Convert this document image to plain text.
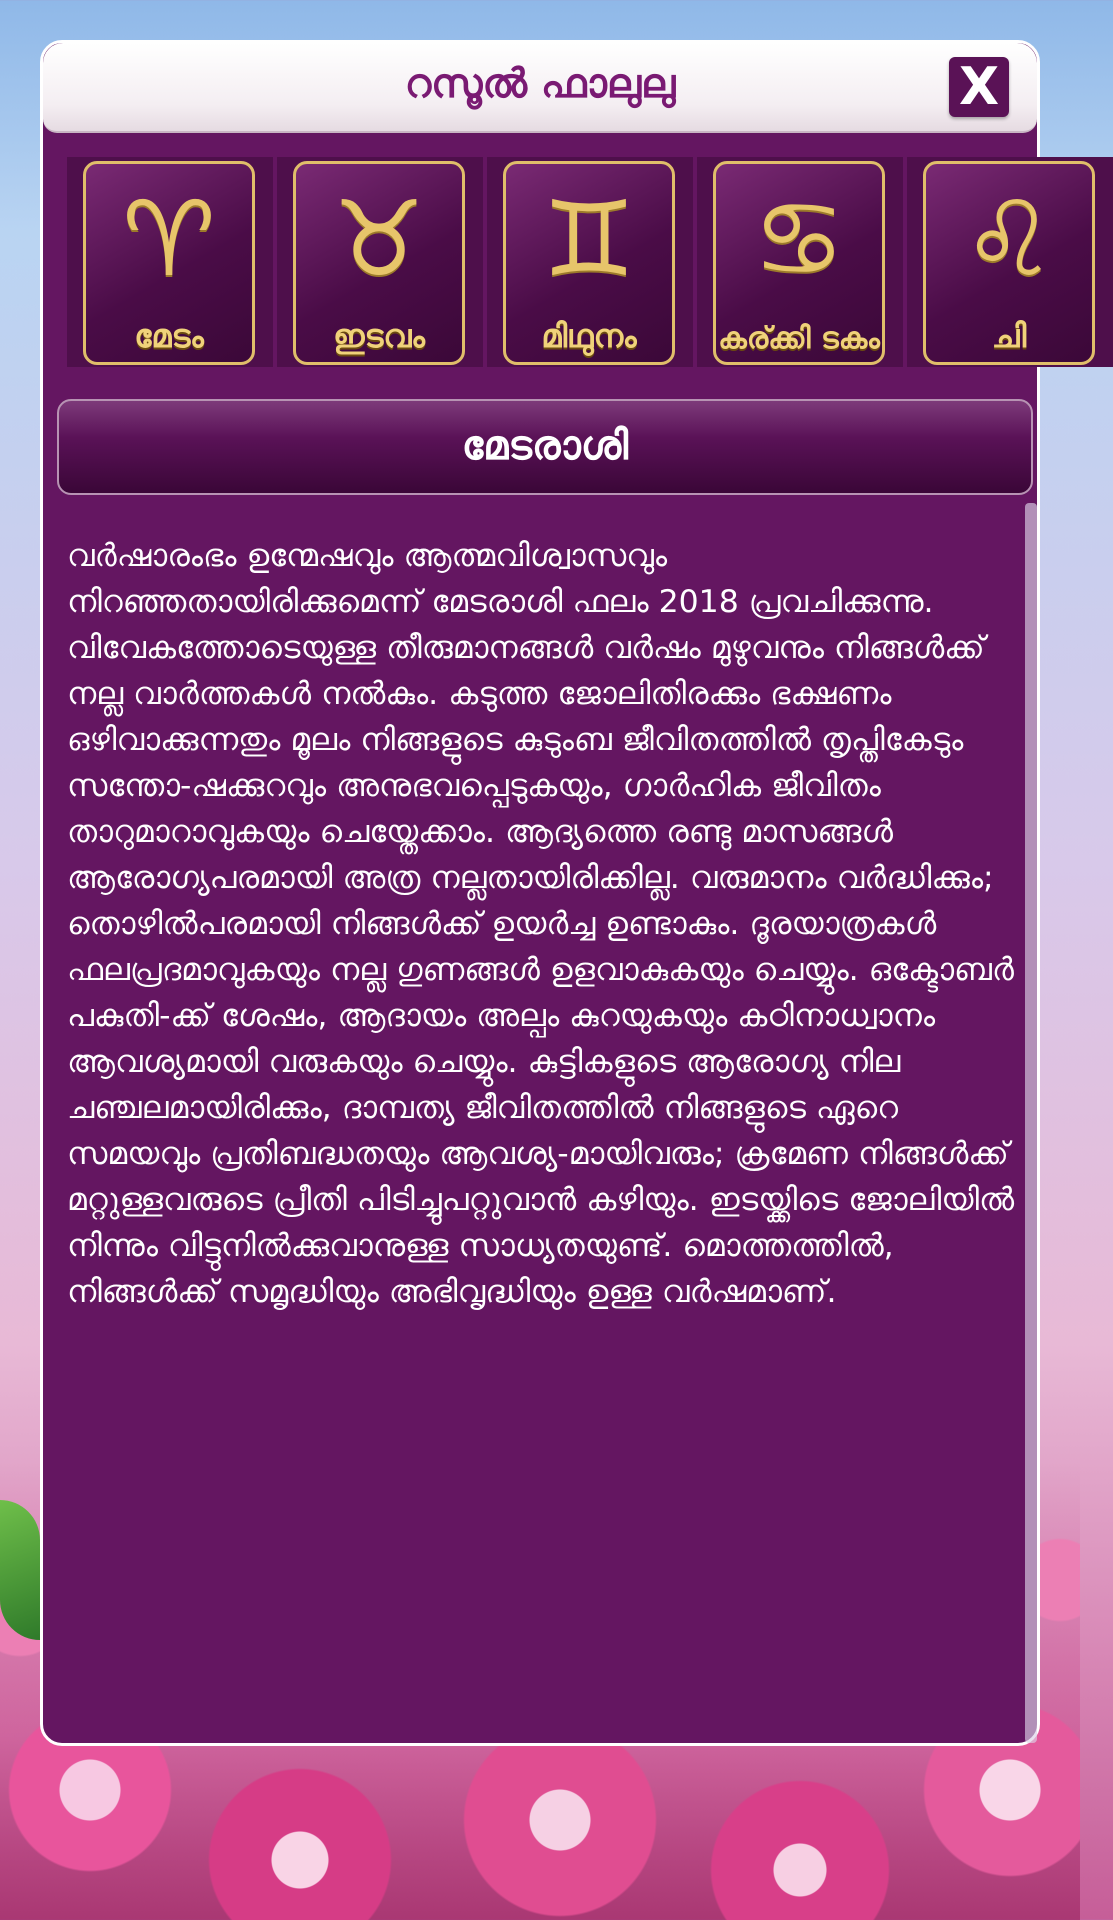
റസൂൽ ഫാലുലു	X
♈
മേടം
♉
ഇടവം
♊
മിഥുനം
♋
കര്ക്കി ടകം
♌
ചി
മേടരാശി
വർഷാരംഭം ഉന്മേഷവും ആത്മവിശ്വാസവും നിറഞ്ഞതായിരിക്കുമെന്ന് മേടരാശി ഫലം 2018 പ്രവചിക്കുന്നു. വിവേകത്തോടെയുള്ള തീരുമാനങ്ങൾ വർഷം മുഴുവനും നിങ്ങൾക്ക് നല്ല വാർത്തകൾ നൽകും. കടുത്ത ജോലിതിരക്കും ഭക്ഷണം ഒഴിവാക്കുന്നതും മൂലം നിങ്ങളുടെ കുടുംബ ജീവിതത്തിൽ തൃപ്തികേടും സന്തോ-ഷക്കുറവും അനുഭവപ്പെടുകയും, ഗാർഹിക ജീവിതം താറുമാറാവുകയും ചെയ്തേക്കാം. ആദ്യത്തെ രണ്ടു മാസങ്ങൾ ആരോഗ്യപരമായി അത്ര നല്ലതായിരിക്കില്ല. വരുമാനം വർദ്ധിക്കും; തൊഴിൽപരമായി നിങ്ങൾക്ക് ഉയർച്ച ഉണ്ടാകും. ദൂരയാത്രകൾ ഫലപ്രദമാവുകയും നല്ല ഗുണങ്ങൾ ഉളവാകുകയും ചെയ്യും. ഒക്ടോബർ പകുതി-ക്ക് ശേഷം, ആദായം അല്പം കുറയുകയും കഠിനാധ്വാനം ആവശ്യമായി വരുകയും ചെയ്യും. കുട്ടികളുടെ ആരോഗ്യ നില ചഞ്ചലമായിരിക്കും, ദാമ്പത്യ ജീവിതത്തിൽ നിങ്ങളുടെ ഏറെ സമയവും പ്രതിബദ്ധതയും ആവശ്യ-മായിവരും; ക്രമേണ നിങ്ങൾക്ക് മറ്റുള്ളവരുടെ പ്രീതി പിടിച്ചുപറ്റുവാൻ കഴിയും. ഇടയ്ക്കിടെ ജോലിയിൽ നിന്നും വിട്ടുനിൽക്കുവാനുള്ള സാധ്യതയുണ്ട്. മൊത്തത്തിൽ, നിങ്ങൾക്ക് സമൃദ്ധിയും അഭിവൃദ്ധിയും ഉള്ള വർഷമാണ്.
